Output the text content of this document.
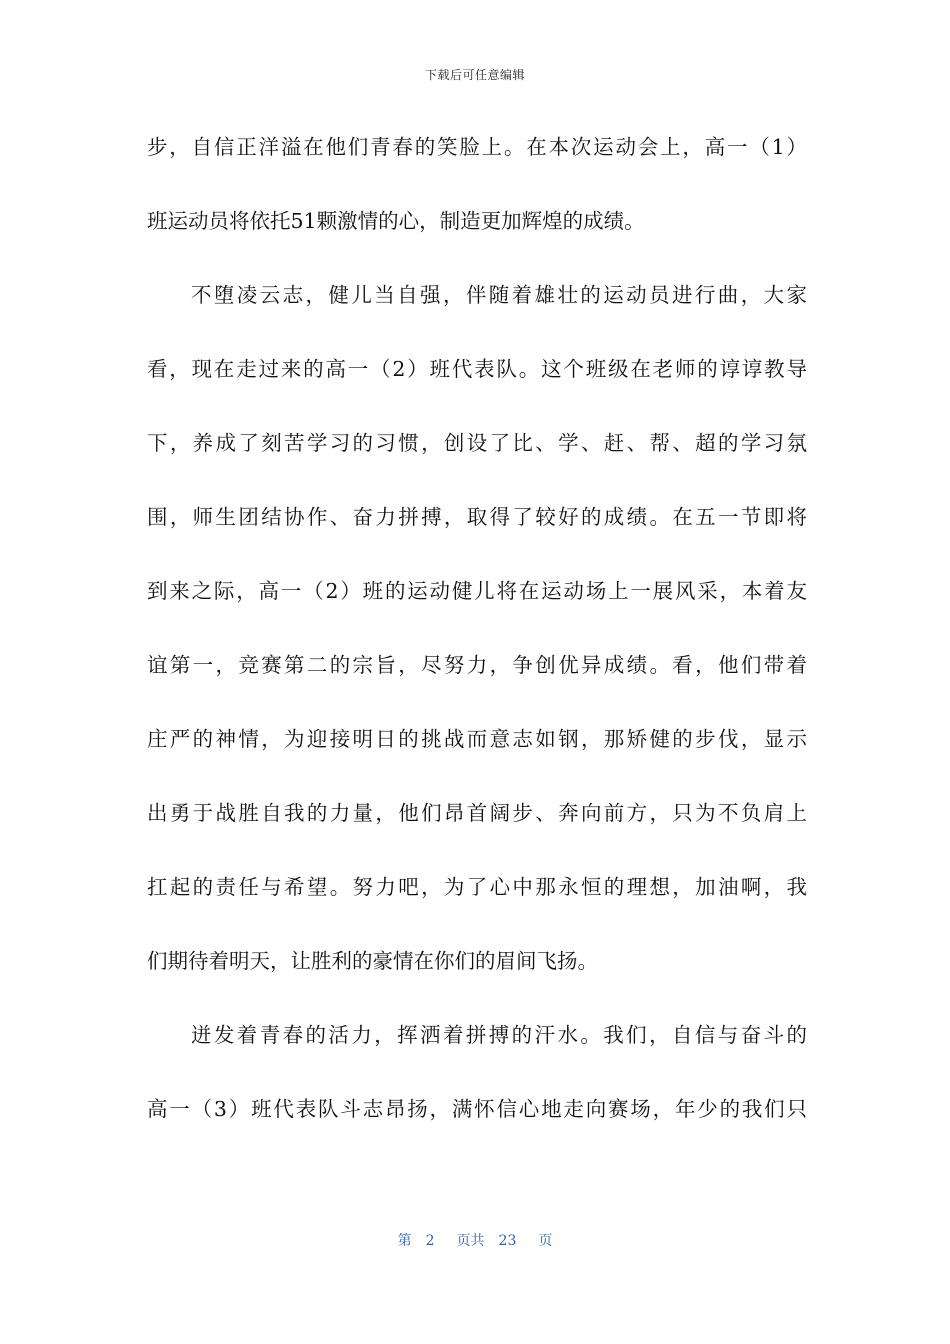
下载后可任意编辑
步，自信正洋溢在他们青春的笑脸上。在本次运动会上，高一（1）
班运动员将依托51颗激情的心，制造更加辉煌的成绩。
不堕凌云志，健儿当自强，伴随着雄壮的运动员进行曲，大家
看，现在走过来的高一（2）班代表队。这个班级在老师的谆谆教导
下，养成了刻苦学习的习惯，创设了比、学、赶、帮、超的学习氛
围，师生团结协作、奋力拼搏，取得了较好的成绩。在五一节即将
到来之际，高一（2）班的运动健儿将在运动场上一展风采，本着友
谊第一，竞赛第二的宗旨，尽努力，争创优异成绩。看，他们带着
庄严的神情，为迎接明日的挑战而意志如钢，那矫健的步伐，显示
出勇于战胜自我的力量，他们昂首阔步、奔向前方，只为不负肩上
扛起的责任与希望。努力吧，为了心中那永恒的理想，加油啊，我
们期待着明天，让胜利的豪情在你们的眉间飞扬。
迸发着青春的活力，挥洒着拼搏的汗水。我们，自信与奋斗的
高一（3）班代表队斗志昂扬，满怀信心地走向赛场，年少的我们只
第 2 页共 23 页
